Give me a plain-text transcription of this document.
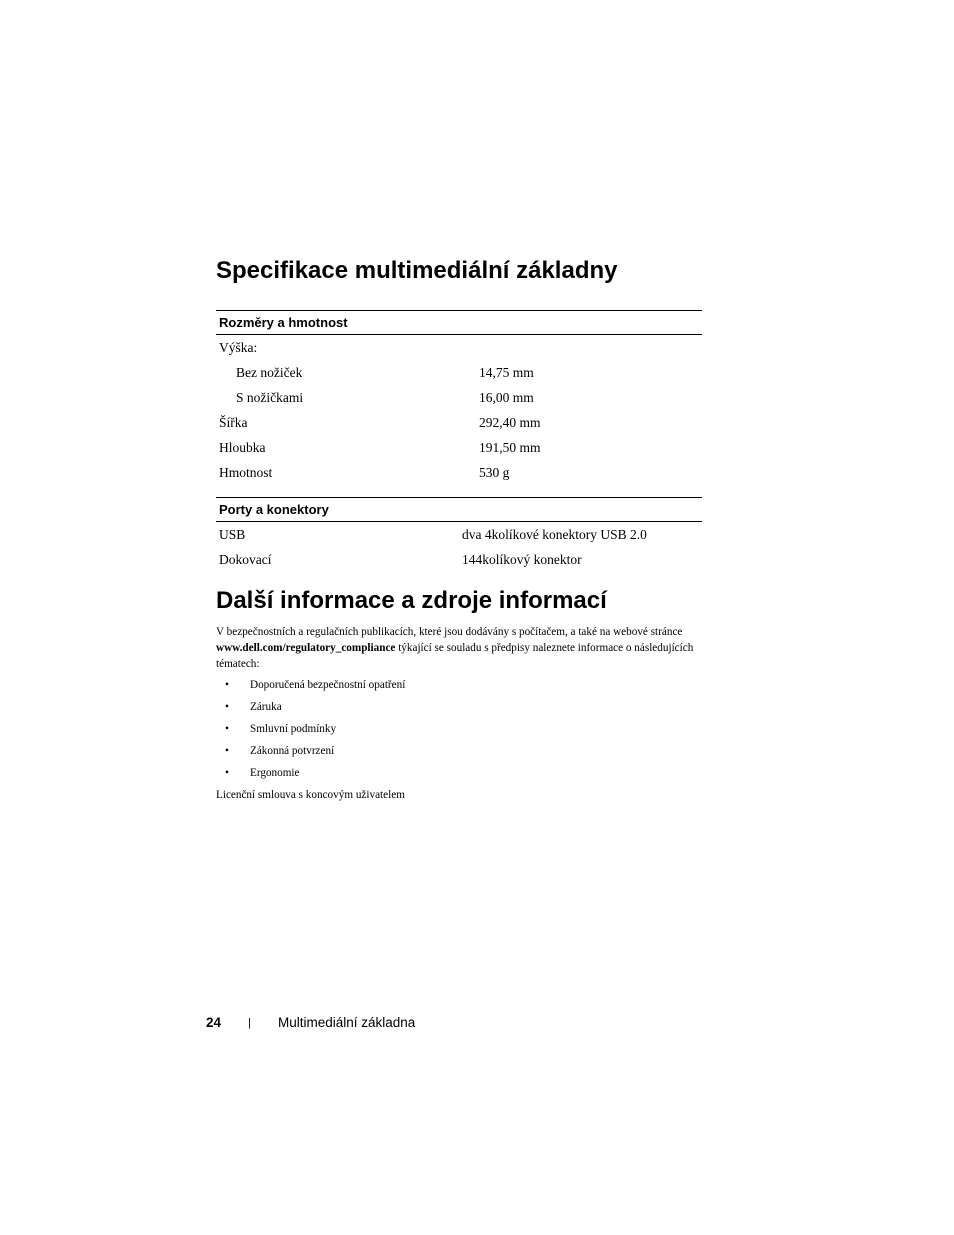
Specifikace multimediální základny
Rozměry a hmotnost	
Výška:	
Bez nožiček	14,75 mm
S nožičkami	16,00 mm
Šířka	292,40 mm
Hloubka	191,50 mm
Hmotnost	530 g
Porty a konektory	
USB	dva 4kolíkové konektory USB 2.0
Dokovací	144kolíkový konektor
Další informace a zdroje informací

V bezpečnostních a regulačních publikacích, které jsou dodávány s počítačem, a také na webové stránce www.dell.com/regulatory_compliance týkající se souladu s předpisy naleznete informace o následujících tématech:

• Doporučená bezpečnostní opatření
• Záruka
• Smluvní podmínky
• Zákonná potvrzení
• Ergonomie
Licenční smlouva s koncovým uživatelem
24 | Multimediální základna
